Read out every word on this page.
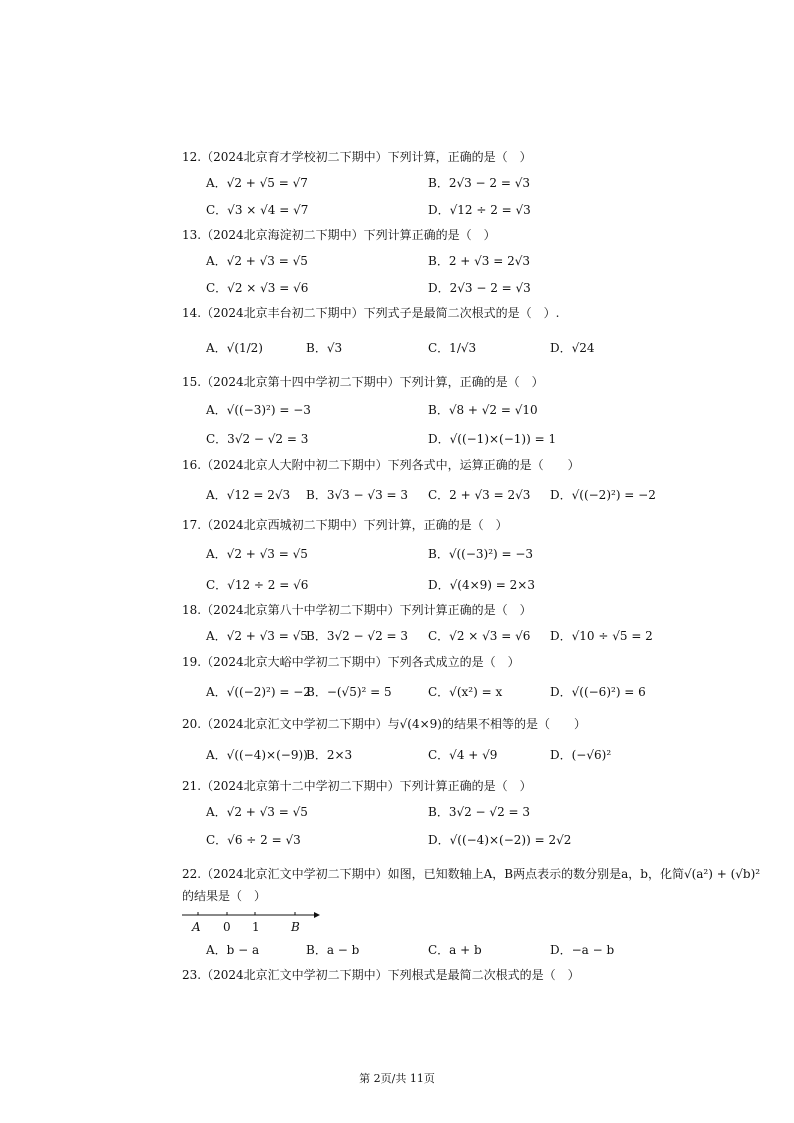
12.（2024北京育才学校初二下期中）下列计算，正确的是（　）
A．√2 + √5 = √7	B．2√3 − 2 = √3
C．√3 × √4 = √7	D．√12 ÷ 2 = √3
13.（2024北京海淀初二下期中）下列计算正确的是（　）
A．√2 + √3 = √5	B．2 + √3 = 2√3
C．√2 × √3 = √6	D．2√3 − 2 = √3
14.（2024北京丰台初二下期中）下列式子是最简二次根式的是（　）.
A．√(1/2)	B．√3	C．1/√3	D．√24
15.（2024北京第十四中学初二下期中）下列计算，正确的是（　）
A．√((−3)²) = −3	B．√8 + √2 = √10
C．3√2 − √2 = 3	D．√((−1)×(−1)) = 1
16.（2024北京人大附中初二下期中）下列各式中，运算正确的是（　　）
A．√12 = 2√3 B．3√3 − √3 = 3 C．2 + √3 = 2√3 D．√((−2)²) = −2
17.（2024北京西城初二下期中）下列计算，正确的是（　）
A．√2 + √3 = √5	B．√((−3)²) = −3
C．√12 ÷ 2 = √6	D．√(4×9) = 2×3
18.（2024北京第八十中学初二下期中）下列计算正确的是（　）
A．√2 + √3 = √5
B．3√2 − √2 = 3 C．√2 × √3 = √6 D．√10 ÷ √5 = 2
19.（2024北京大峪中学初二下期中）下列各式成立的是（　）
A．√((−2)²) = −2
B．−(√5)² = 5	C．√(x²) = x	D．√((−6)²) = 6
20.（2024北京汇文中学初二下期中）与√(4×9)的结果不相等的是（　　）
A．√((−4)×(−9))
B．2×3	C．√4 + √9	D．(−√6)²
21.（2024北京第十二中学初二下期中）下列计算正确的是（　）
A．√2 + √3 = √5	B．3√2 − √2 = 3
C．√6 ÷ 2 = √3	D．√((−4)×(−2)) = 2√2
22.（2024北京汇文中学初二下期中）如图，已知数轴上A，B两点表示的数分别是a，b，化简√(a²) + (√b)²
的结果是（　）
A 0 1	B
A．b − a	B．a − b	C．a + b	D．−a − b
23.（2024北京汇文中学初二下期中）下列根式是最简二次根式的是（　）
第 2页/共 11页
